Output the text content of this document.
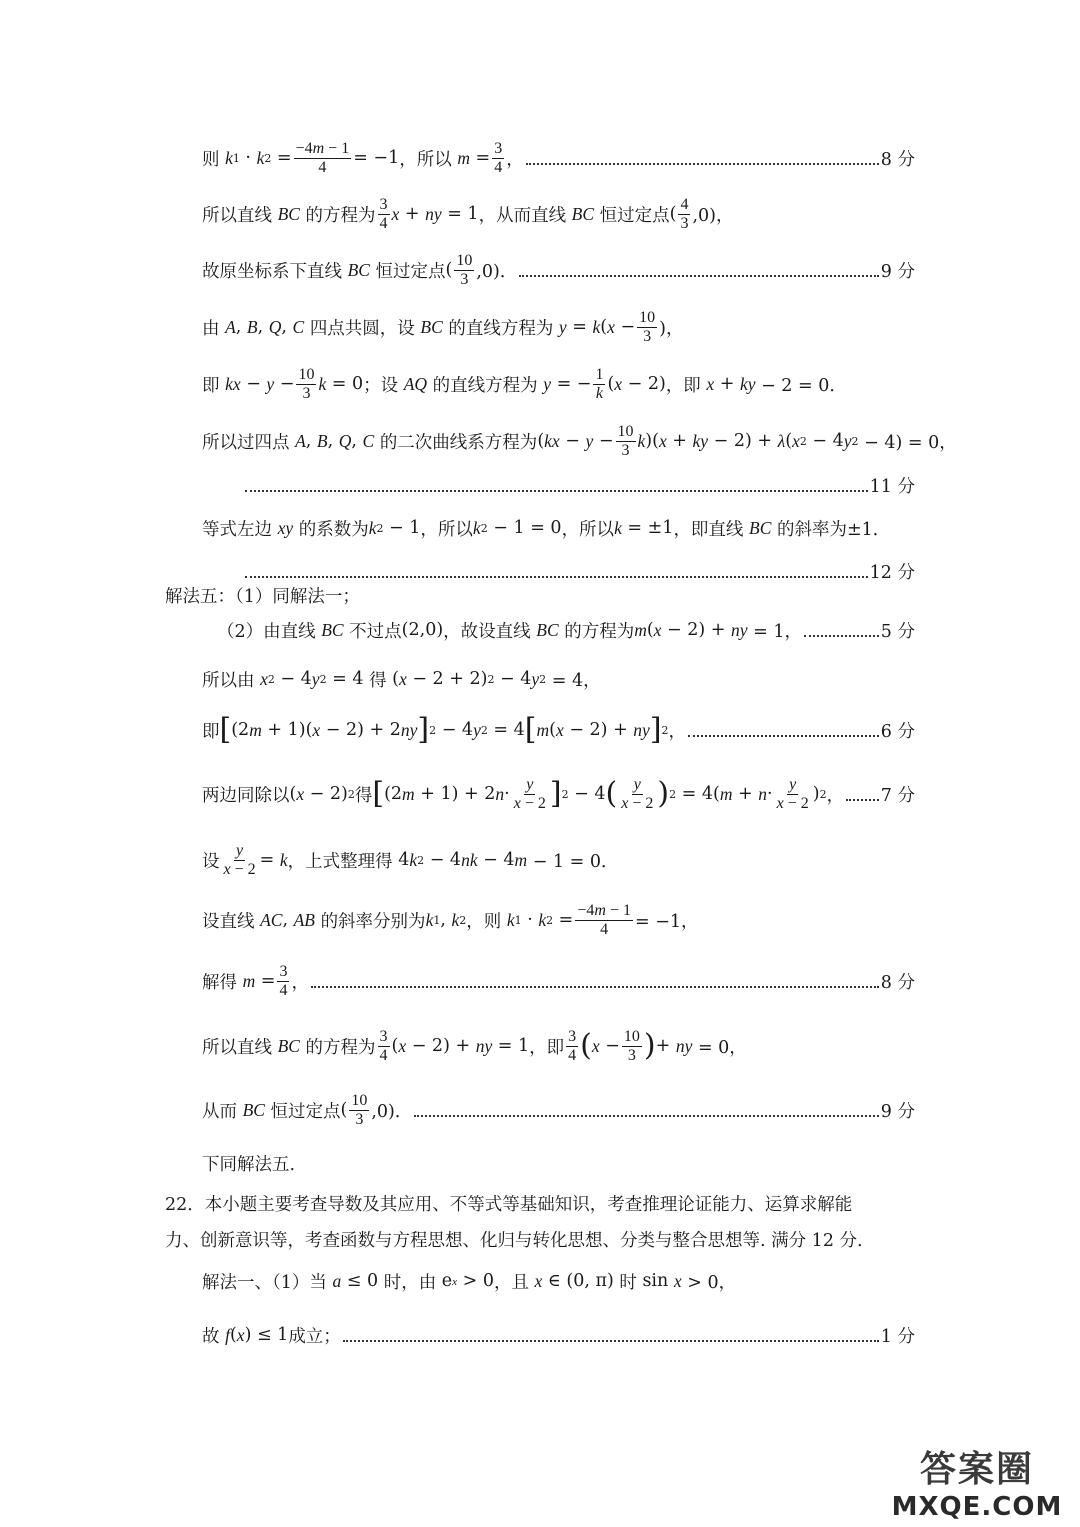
则
k 1 · k $2 = \frac{-4m - 1}{4} = -1$ ，所以
$m = \frac{3}{4}$ ，	8 分
所以直线
BC
的方程为 $\frac{3}{4}$ x + ny = 1 ，从而直线
BC
恒过定点 ( $\frac{4}{3} ,0$)，
故原坐标系下直线
BC
恒过定点 ( $\frac{10}{3} ,0$)．	9 分
由
A , B , Q , C
四点共圆，设
BC
的直线方程为
y = k ( $x - \frac{10}{3}$ )，
即
kx − $y - \frac{10}{3}$ k = 0 ；设
AQ
的直线方程为
y = − $\frac{1}{k}$ ( x − 2) ，即
x + ky − 2 = 0．
所以过四点
A , B , Q , C
的二次曲线系方程为 ( kx − $y - \frac{10}{3}$ k )( x + ky − 2) + λ ( x 2 − 4 y 2 − 4) = 0，
11 分
等式左边
xy
的系数为 k 2 − 1 ，所以 k 2 − 1 = 0 ，所以 k = ±1 ，即直线
BC
的斜率为 ±1．
12 分
解法五：（1）同解法一；
（2）由直线
BC
不过点 (2,0) ，故设直线
BC
的方程为 m ( x − 2) + ny = 1，	5 分
所以由
x 2 − 4 y 2 = 4 得 ( x − 2 + 2) 2 − 4 y 2 = 4，
即 [ (2 m + 1)( x − 2) + 2 ny ] 2 − 4 y 2 = 4 [ m ( x − 2) + ny ] 2 ，	6 分
两边同除以 ( x − 2) 2 得 [ (2 m + 1) + 2 $n \cdot \frac{y}{x - 2}$ ] 2 − 4 ( $\frac{y}{x - 2}$ ) 2 = 4( $m + n \cdot \frac{y}{x - 2}$ ) 2 ， 7 分
设 $\frac{y}{x - 2} = k$ ，上式整理得 4 k 2 − 4 nk − 4 m − 1 = 0．
设直线
AC , AB
的斜率分别为 k 1 , k 2 ，则
k 1 · k $2 = \frac{-4m - 1}{4} = -1$，
解得
$m = \frac{3}{4}$ ，	8 分
所以直线
BC
的方程为 $\frac{3}{4}$ ( x − 2) + ny = 1 ，即 $\frac{3}{4}$ ( $x - \frac{10}{3}$ ) + ny = 0，
从而
BC
恒过定点 ( $\frac{10}{3} ,0$)．	9 分
下同解法五.
22．本小题主要考查导数及其应用、不等式等基础知识，考查推理论证能力、运算求解能
力、创新意识等，考查函数与方程思想、化归与转化思想、分类与整合思想等. 满分 12 分.
解法一、（1）当
a ≤ 0 时，由 e x > 0 ，且
x ∈ (0, π) 时 sin x > 0，
故
f ( x ) ≤ 1 成立；	1 分
答案圈
MXQE.COM
